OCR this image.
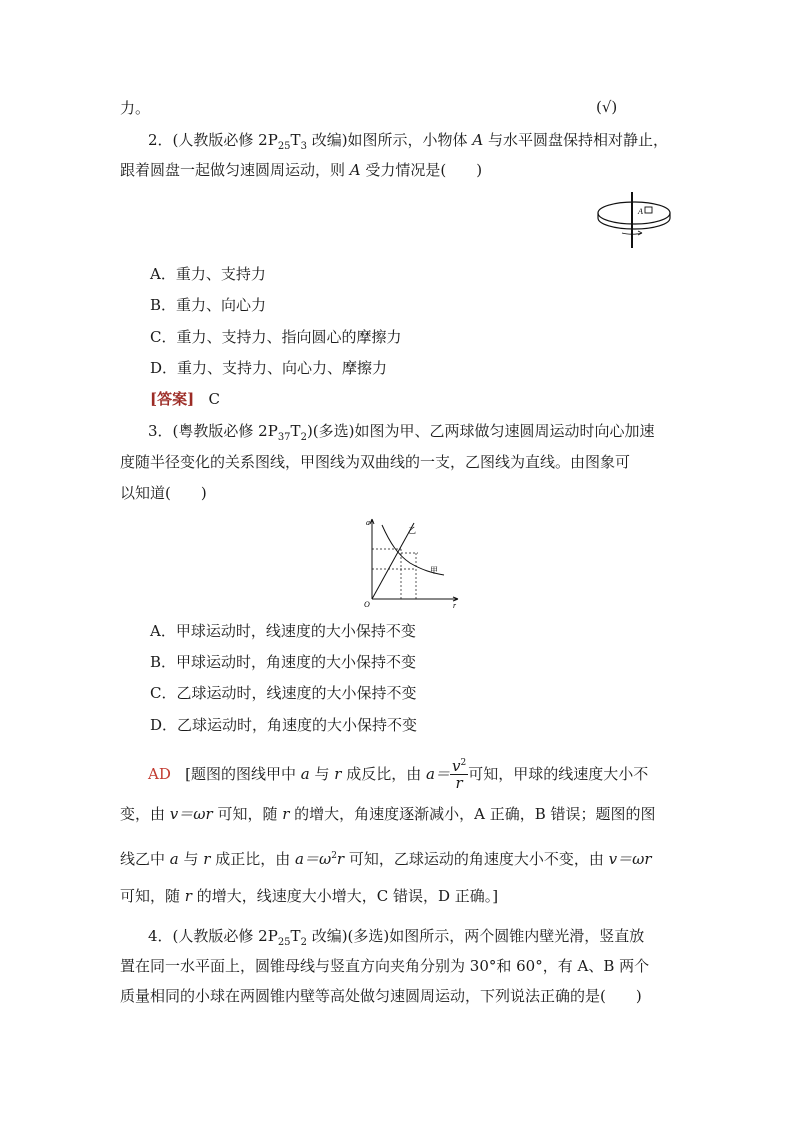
力。	(√)
2．(人教版必修 $2P_{25}T_3$ 改编)如图所示，小物体 A 与水平圆盘保持相对静止，
跟着圆盘一起做匀速圆周运动，则 A 受力情况是(　　)
A
A．重力、支持力
B．重力、向心力
C．重力、支持力、指向圆心的摩擦力
D．重力、支持力、向心力、摩擦力
[答案] C
3．(粤教版必修 $2P_{37}T_2$)(多选)如图为甲、乙两球做匀速圆周运动时向心加速
度随半径变化的关系图线，甲图线为双曲线的一支，乙图线为直线。由图象可
以知道(　　)
a
r
O
乙
甲
A．甲球运动时，线速度的大小保持不变
B．甲球运动时，角速度的大小保持不变
C．乙球运动时，线速度的大小保持不变
D．乙球运动时，角速度的大小保持不变
AD [题图的图线甲中 a 与 r 成反比，由 $a= \frac{v^2}{r}$ 可知，甲球的线速度大小不
变，由 v＝ωr 可知，随 r 的增大，角速度逐渐减小，A 正确，B 错误；题图的图
线乙中 a 与 r 成正比，由 $a=\omega^2r$ 可知，乙球运动的角速度大小不变，由 v＝ωr
可知，随 r 的增大，线速度大小增大，C 错误，D 正确。]
4．(人教版必修 $2P_{25}T_2$ 改编)(多选)如图所示，两个圆锥内壁光滑，竖直放
置在同一水平面上，圆锥母线与竖直方向夹角分别为 30°和 60°，有 A、B 两个
质量相同的小球在两圆锥内壁等高处做匀速圆周运动，下列说法正确的是(　　)
